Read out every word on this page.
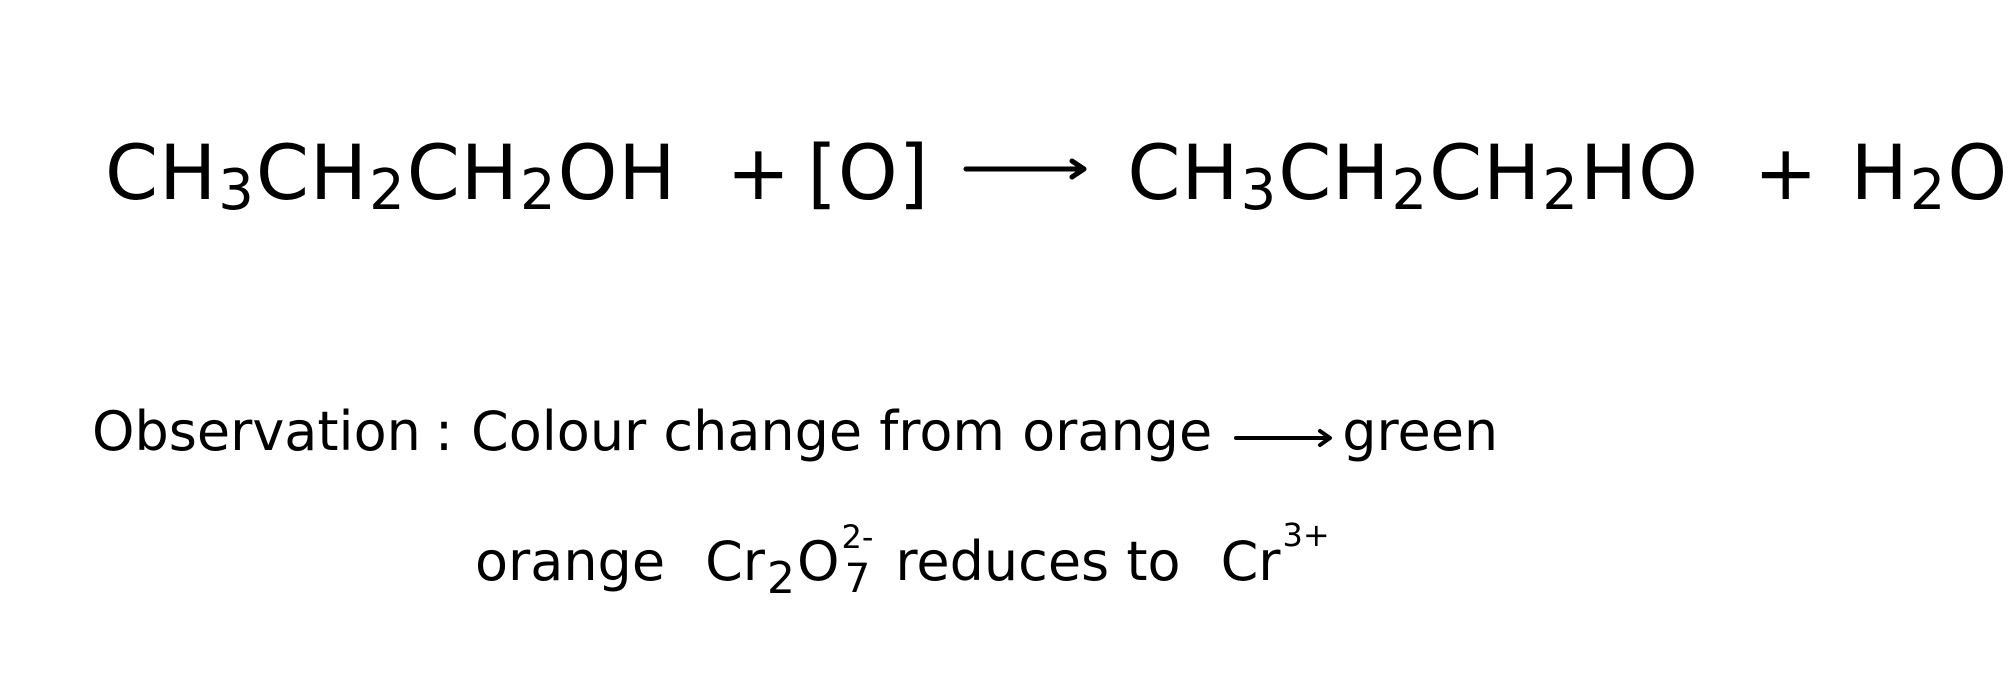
CH 3 CH 2 CH 2 OH + [O] → CH 3 CH 2 CH 2 HO + H 2 O
Observation : Colour change from orange green
orange Cr 2 O 2-
7 reduces to Cr 3+
